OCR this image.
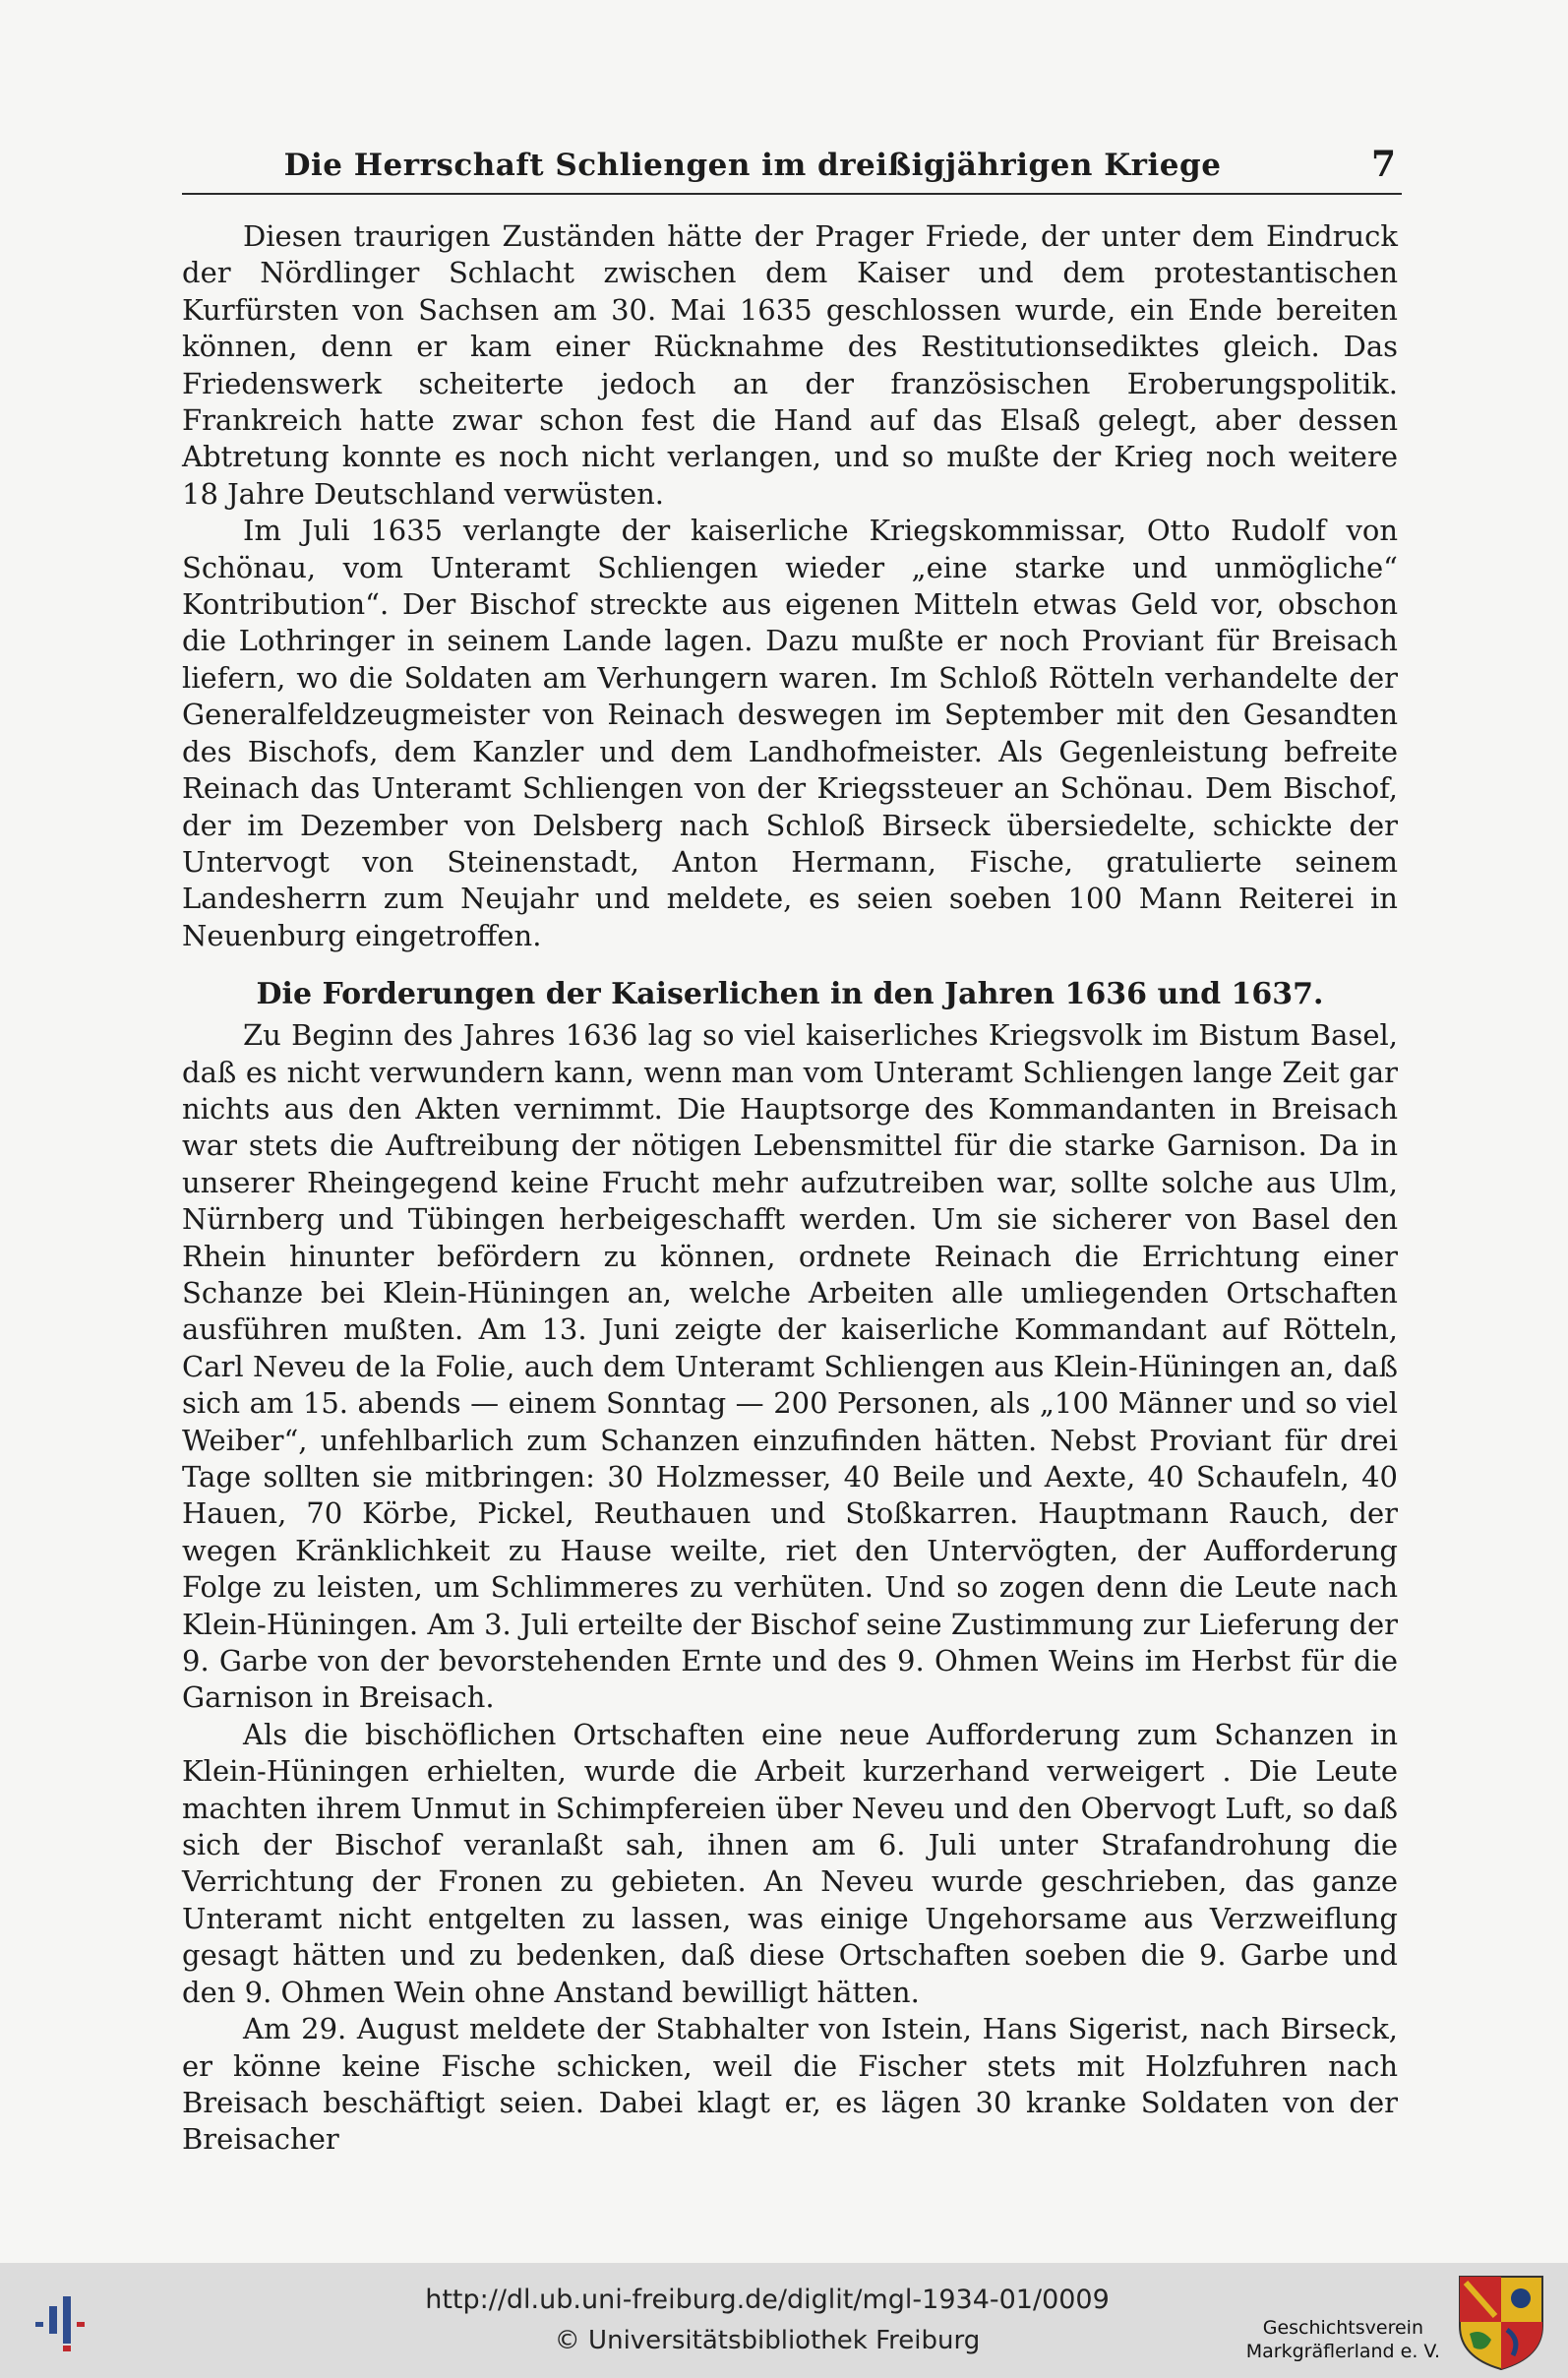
Die Herrschaft Schliengen im dreißigjährigen Kriege	7

Diesen traurigen Zuständen hätte der Prager Friede, der unter dem Eindruck der Nördlinger Schlacht zwischen dem Kaiser und dem protestantischen Kurfürsten von Sachsen am 30. Mai 1635 geschlossen wurde, ein Ende bereiten können, denn er kam einer Rücknahme des Restitutionsediktes gleich. Das Friedenswerk scheiterte jedoch an der französischen Eroberungspolitik. Frankreich hatte zwar schon fest die Hand auf das Elsaß gelegt, aber dessen Abtretung konnte es noch nicht verlangen, und so mußte der Krieg noch weitere 18 Jahre Deutschland verwüsten.

Im Juli 1635 verlangte der kaiserliche Kriegskommissar, Otto Rudolf von Schönau, vom Unteramt Schliengen wieder „eine starke und unmögliche“ Kontribution“. Der Bischof streckte aus eigenen Mitteln etwas Geld vor, obschon die Lothringer in seinem Lande lagen. Dazu mußte er noch Proviant für Breisach liefern, wo die Soldaten am Verhungern waren. Im Schloß Rötteln verhandelte der Generalfeldzeugmeister von Reinach deswegen im September mit den Gesandten des Bischofs, dem Kanzler und dem Landhofmeister. Als Gegenleistung befreite Reinach das Unteramt Schliengen von der Kriegssteuer an Schönau. Dem Bischof, der im Dezember von Delsberg nach Schloß Birseck übersiedelte, schickte der Untervogt von Steinenstadt, Anton Hermann, Fische, gratulierte seinem Landesherrn zum Neujahr und meldete, es seien soeben 100 Mann Reiterei in Neuenburg eingetroffen.

Die Forderungen der Kaiserlichen in den Jahren 1636 und 1637.

Zu Beginn des Jahres 1636 lag so viel kaiserliches Kriegsvolk im Bistum Basel, daß es nicht verwundern kann, wenn man vom Unteramt Schliengen lange Zeit gar nichts aus den Akten vernimmt. Die Hauptsorge des Kommandanten in Breisach war stets die Auftreibung der nötigen Lebensmittel für die starke Garnison. Da in unserer Rheingegend keine Frucht mehr aufzutreiben war, sollte solche aus Ulm, Nürnberg und Tübingen herbeigeschafft werden. Um sie sicherer von Basel den Rhein hinunter befördern zu können, ordnete Reinach die Errichtung einer Schanze bei Klein-Hüningen an, welche Arbeiten alle umliegenden Ortschaften ausführen mußten. Am 13. Juni zeigte der kaiserliche Kommandant auf Rötteln, Carl Neveu de la Folie, auch dem Unteramt Schliengen aus Klein-Hüningen an, daß sich am 15. abends — einem Sonntag — 200 Personen, als „100 Männer und so viel Weiber“, unfehlbarlich zum Schanzen einzufinden hätten. Nebst Proviant für drei Tage sollten sie mitbringen: 30 Holzmesser, 40 Beile und Aexte, 40 Schaufeln, 40 Hauen, 70 Körbe, Pickel, Reuthauen und Stoßkarren. Hauptmann Rauch, der wegen Kränklichkeit zu Hause weilte, riet den Untervögten, der Aufforderung Folge zu leisten, um Schlimmeres zu verhüten. Und so zogen denn die Leute nach Klein-Hüningen. Am 3. Juli erteilte der Bischof seine Zustimmung zur Lieferung der 9. Garbe von der bevorstehenden Ernte und des 9. Ohmen Weins im Herbst für die Garnison in Breisach.

Als die bischöflichen Ortschaften eine neue Aufforderung zum Schanzen in Klein-Hüningen erhielten, wurde die Arbeit kurzerhand verweigert . Die Leute machten ihrem Unmut in Schimpfereien über Neveu und den Obervogt Luft, so daß sich der Bischof veranlaßt sah, ihnen am 6. Juli unter Strafandrohung die Verrichtung der Fronen zu gebieten. An Neveu wurde geschrieben, das ganze Unteramt nicht entgelten zu lassen, was einige Ungehorsame aus Verzweiflung gesagt hätten und zu bedenken, daß diese Ortschaften soeben die 9. Garbe und den 9. Ohmen Wein ohne Anstand bewilligt hätten.

Am 29. August meldete der Stabhalter von Istein, Hans Sigerist, nach Birseck, er könne keine Fische schicken, weil die Fischer stets mit Holzfuhren nach Breisach beschäftigt seien. Dabei klagt er, es lägen 30 kranke Soldaten von der Breisacher

http://dl.ub.uni-freiburg.de/diglit/mgl-1934-01/0009
© Universitätsbibliothek Freiburg	Geschichtsverein
Markgräflerland e. V.
